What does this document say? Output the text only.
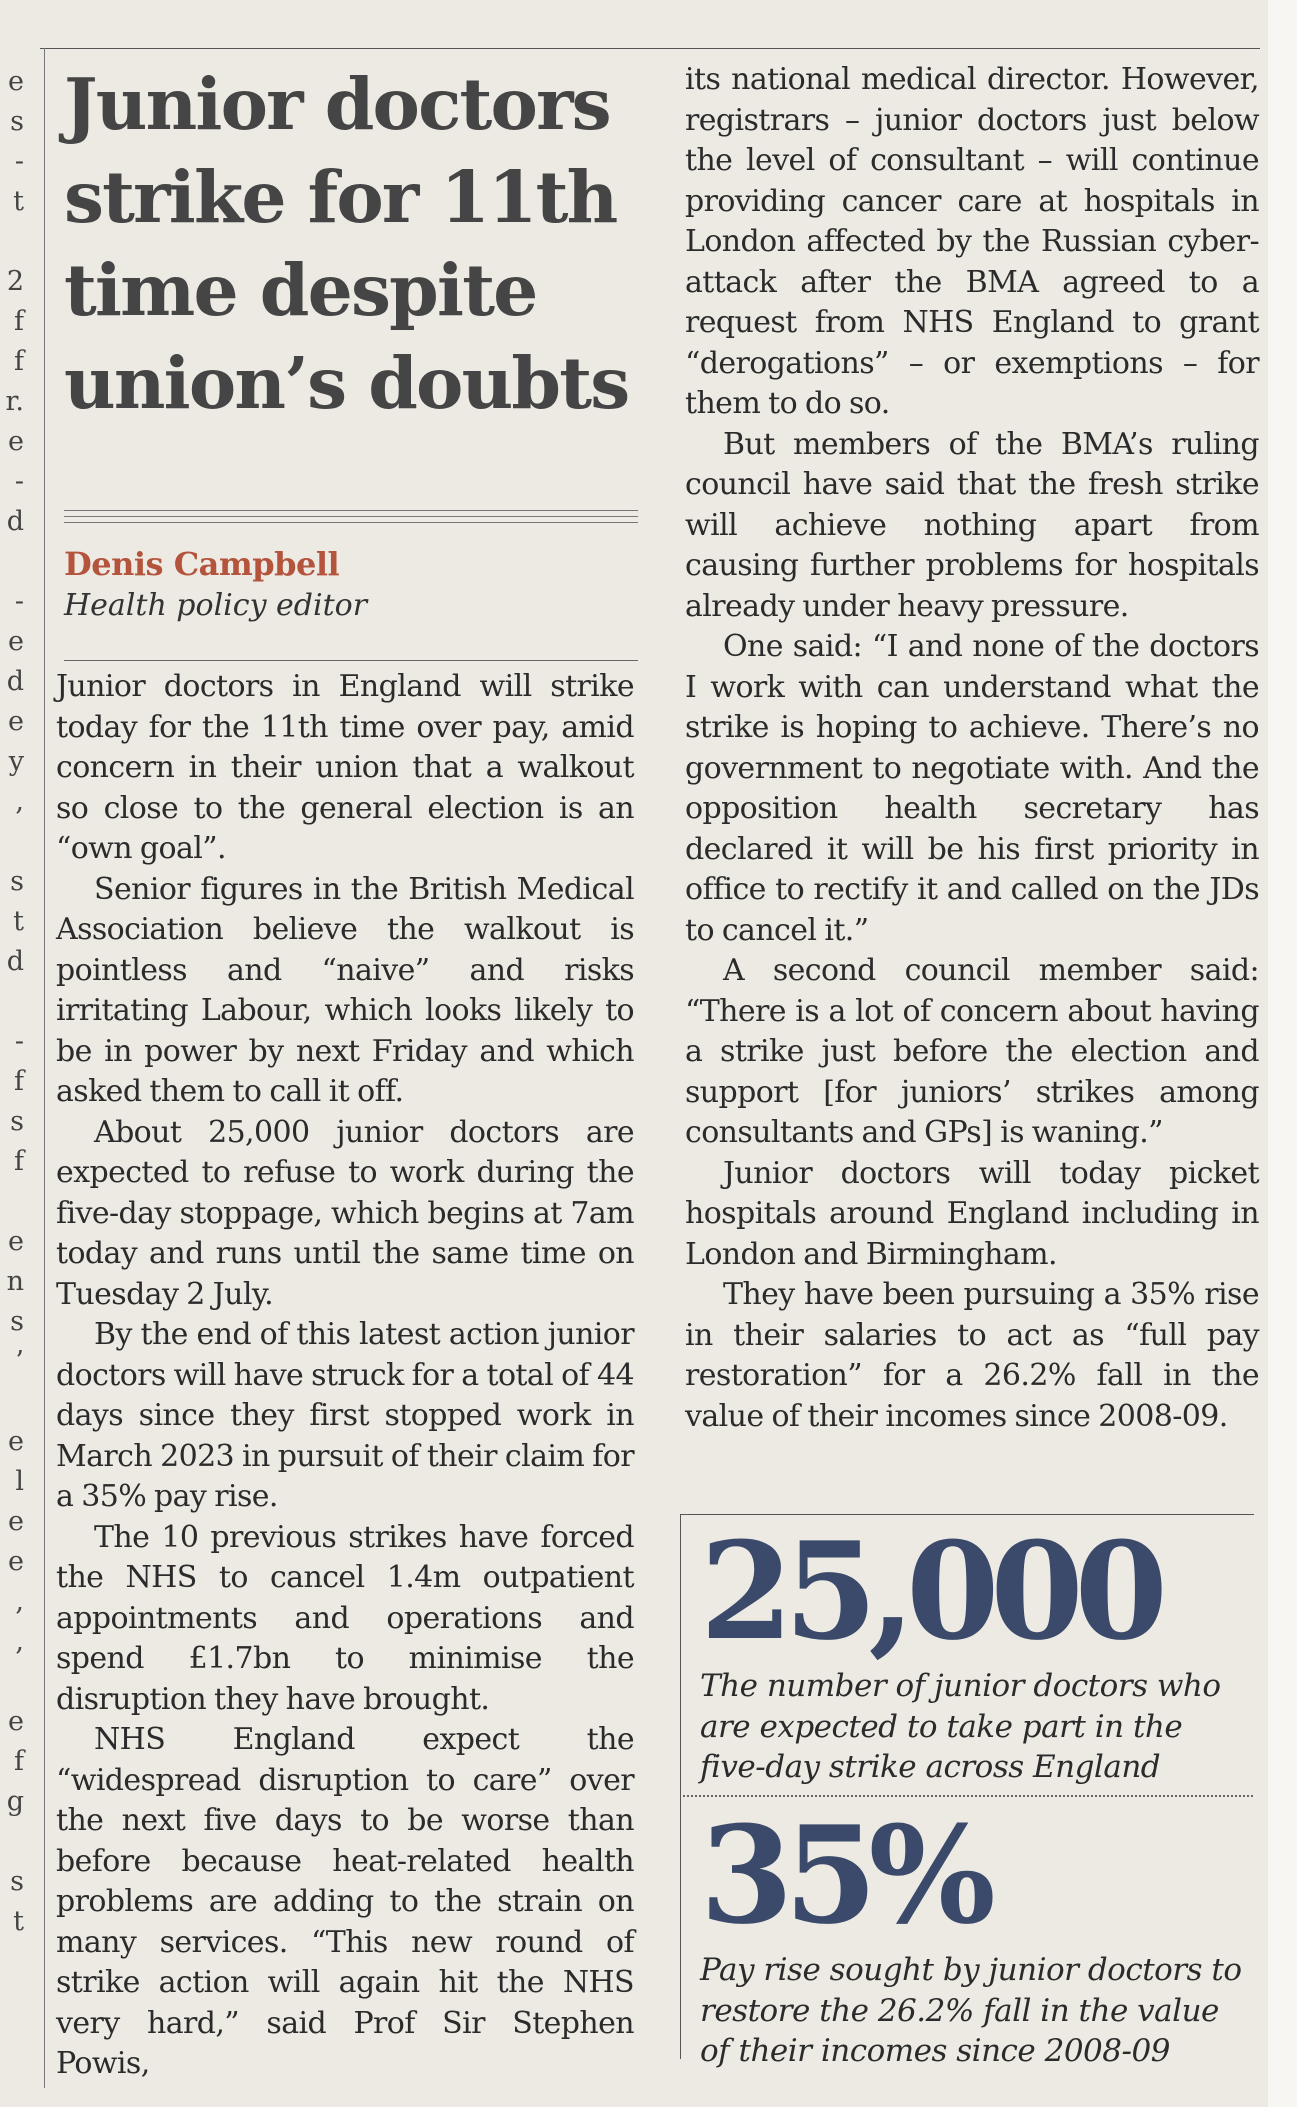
e
s
-
t

2
f
f
r.
e
-
d

-
e
d
e
y
,

s
t
d

-
f
s
f

e
n
s
’

e
l
e
e
,
,

e
f
g

s
t
Junior doctors strike for 11th time despite union’s doubts
Denis Campbell
Health policy editor

Junior doctors in England will strike today for the 11th time over pay, amid concern in their union that a walkout so close to the general election is an “own goal”.

Senior figures in the British Medical Association believe the walkout is pointless and “naive” and risks irritating Labour, which looks likely to be in power by next Friday and which asked them to call it off.

About 25,000 junior doctors are expected to refuse to work during the five-day stoppage, which begins at 7am today and runs until the same time on Tuesday 2 July.

By the end of this latest action junior doctors will have struck for a total of 44 days since they first stopped work in March 2023 in pursuit of their claim for a 35% pay rise.

The 10 previous strikes have forced the NHS to cancel 1.4m outpatient appointments and operations and spend £1.7bn to minimise the disruption they have brought.

NHS England expect the “widespread disruption to care” over the next five days to be worse than before because heat-related health problems are adding to the strain on many services. “This new round of strike action will again hit the NHS very hard,” said Prof Sir Stephen Powis,

its national medical director. However, registrars – junior doctors just below the level of consultant – will continue providing cancer care at hospitals in London affected by the Russian cyber-attack after the BMA agreed to a request from NHS England to grant “derogations” – or exemptions – for them to do so.

But members of the BMA’s ruling council have said that the fresh strike will achieve nothing apart from causing further problems for hospitals already under heavy pressure.

One said: “I and none of the doctors I work with can understand what the strike is hoping to achieve. There’s no government to negotiate with. And the opposition health secretary has declared it will be his first priority in office to rectify it and called on the JDs to cancel it.”

A second council member said: “There is a lot of concern about having a strike just before the election and support [for juniors’ strikes among consultants and GPs] is waning.”

Junior doctors will today picket hospitals around England including in London and Birmingham.

They have been pursuing a 35% rise in their salaries to act as “full pay restoration” for a 26.2% fall in the value of their incomes since 2008-09.

25,000
The number of junior doctors who are expected to take part in the five-day strike across England
35%
Pay rise sought by junior doctors to restore the 26.2% fall in the value of their incomes since 2008-09
